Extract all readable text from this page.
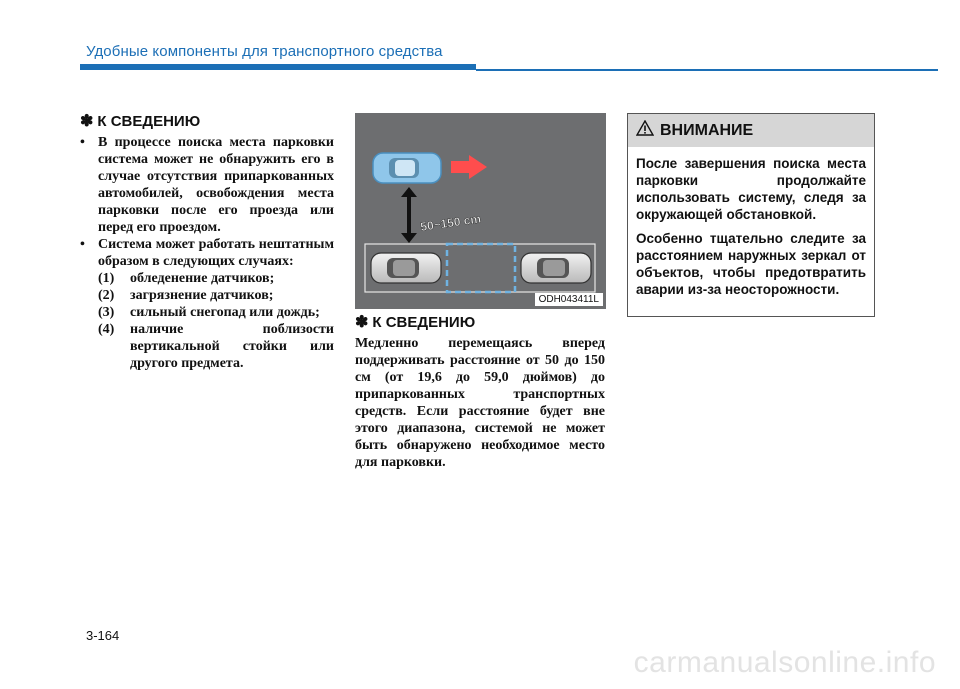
Удобные компоненты для транспортного средства
✽ К СВЕДЕНИЮ
• В процессе поиска места парковки система может не обнаружить его в случае отсутствия припаркованных автомобилей, освобождения места парковки после его проезда или перед его проездом.
• Система может работать нештатным образом в следующих случаях:
(1) обледенение датчиков;
(2) загрязнение датчиков;
(3) сильный снегопад или дождь;
(4) наличие поблизости вертикальной стойки или другого предмета.
50~150 cm
ODH043411L
✽ К СВЕДЕНИЮ

Медленно перемещаясь вперед поддерживать расстояние от 50 до 150 см (от 19,6 до 59,0 дюймов) до припаркованных транспортных средств. Если расстояние будет вне этого диапазона, системой не может быть обнаружено необходимое место для парковки.

ВНИМАНИЕ

После завершения поиска места парковки продолжайте использовать систему, следя за окружающей обстановкой.

Особенно тщательно следите за расстоянием наружных зеркал от объектов, чтобы предотвратить аварии из-за неосторожности.

3-164
carmanualsonline.info
